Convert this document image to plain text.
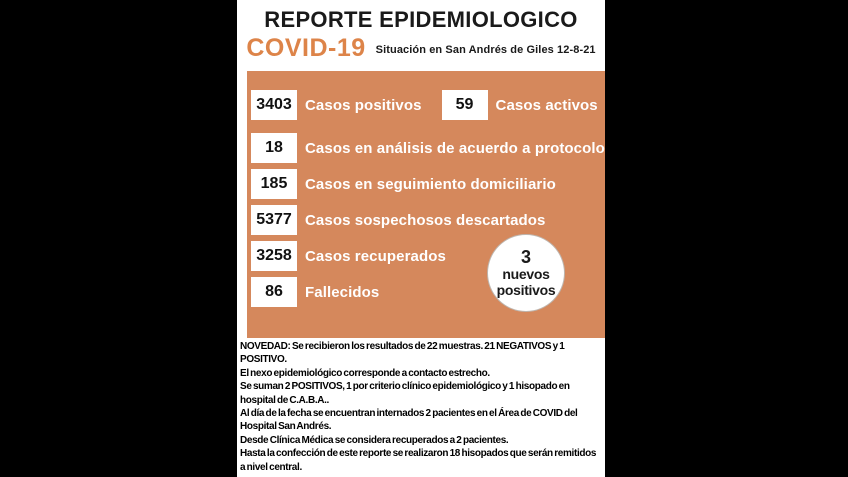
REPORTE EPIDEMIOLOGICO
COVID-19 Situación en San Andrés de Giles 12-8-21
3403 Casos positivos	59	Casos activos
18	Casos en análisis de acuerdo a protocolo
185	Casos en seguimiento domiciliario
5377 Casos sospechosos descartados
3258 Casos recuperados
86	Fallecidos
3
nuevos
positivos

NOVEDAD: Se recibieron los resultados de 22 muestras. 21 NEGATIVOS y 1 POSITIVO.

El nexo epidemiológico corresponde a contacto estrecho.

Se suman 2 POSITIVOS, 1 por criterio clínico epidemiológico y 1 hisopado en hospital de C.A.B.A..

Al día de la fecha se encuentran internados 2 pacientes en el Área de COVID del Hospital San Andrés.

Desde Clínica Médica se considera recuperados a 2 pacientes.

Hasta la confección de este reporte se realizaron 18 hisopados que serán remitidos a nivel central.
